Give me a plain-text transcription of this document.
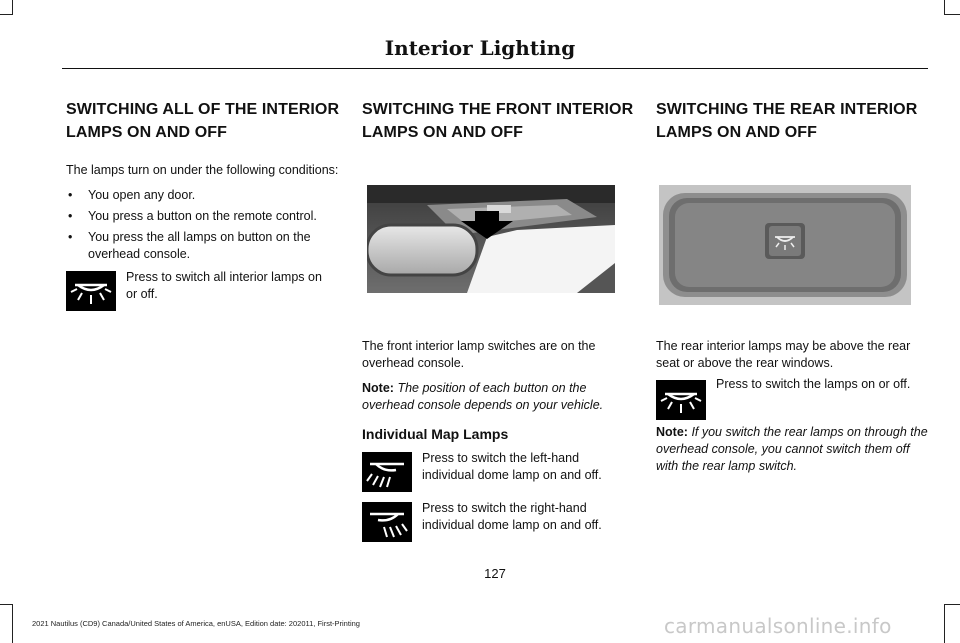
Interior Lighting
SWITCHING ALL OF THE INTERIOR
LAMPS ON AND OFF

The lamps turn on under the following conditions:

• You open any door.
• You press a button on the remote control.
• You press the all lamps on button on the overhead console.
Press to switch all interior lamps on or off.
SWITCHING THE FRONT INTERIOR
LAMPS ON AND OFF

The front interior lamp switches are on the overhead console.

Note: The position of each button on the overhead console depends on your vehicle.
Individual Map Lamps
Press to switch the left-hand individual dome lamp on and off.
Press to switch the right-hand individual dome lamp on and off.
SWITCHING THE REAR INTERIOR
LAMPS ON AND OFF

The rear interior lamps may be above the rear seat or above the rear windows.

Press to switch the lamps on or off.
Note: If you switch the rear lamps on through the overhead console, you cannot switch them off with the rear lamp switch.
127
2021 Nautilus (CD9) Canada/United States of America, enUSA, Edition date: 202011, First-Printing	carmanualsonline.info
